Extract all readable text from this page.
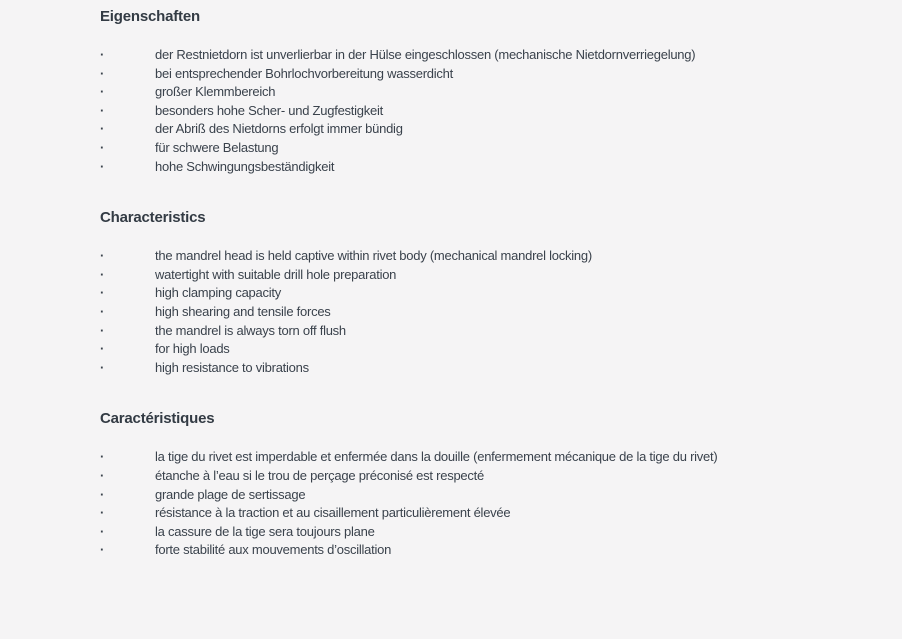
Eigenschaften
·	der Restnietdorn ist unverlierbar in der Hülse eingeschlossen (mechanische Nietdornverriegelung)
·	bei entsprechender Bohrlochvorbereitung wasserdicht
·	großer Klemmbereich
·	besonders hohe Scher- und Zugfestigkeit
·	der Abriß des Nietdorns erfolgt immer bündig
·	für schwere Belastung
·	hohe Schwingungsbeständigkeit
Characteristics
·	the mandrel head is held captive within rivet body (mechanical mandrel locking)
·	watertight with suitable drill hole preparation
·	high clamping capacity
·	high shearing and tensile forces
·	the mandrel is always torn off flush
·	for high loads
·	high resistance to vibrations
Caractéristiques
·	la tige du rivet est imperdable et enfermée dans la douille (enfermement mécanique de la tige du rivet)
·	étanche à l’eau si le trou de perçage préconisé est respecté
·	grande plage de sertissage
·	résistance à la traction et au cisaillement particulièrement élevée
·	la cassure de la tige sera toujours plane
·	forte stabilité aux mouvements d’oscillation
